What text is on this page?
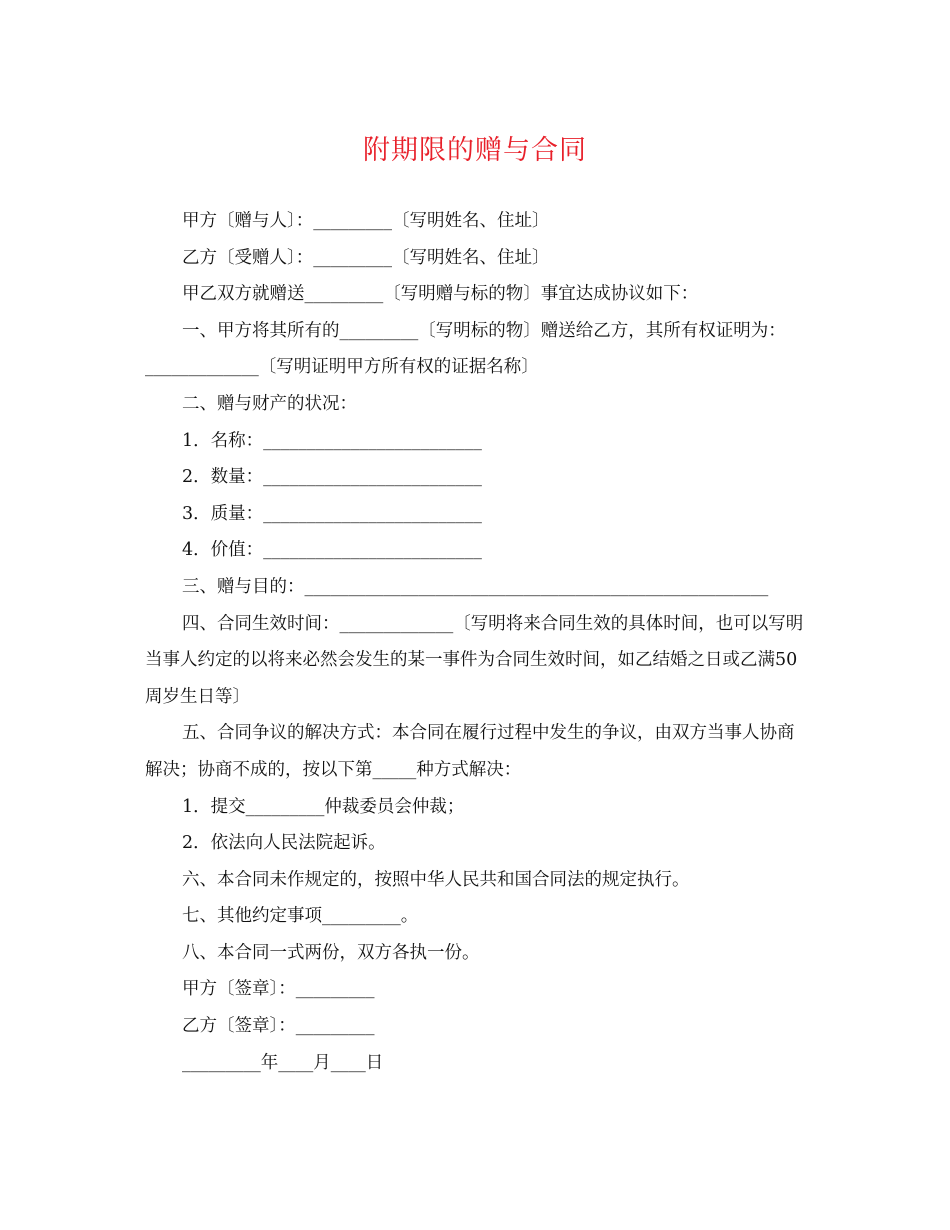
附期限的赠与合同

甲方〔赠与人〕：_________〔写明姓名、住址〕

乙方〔受赠人〕：_________〔写明姓名、住址〕

甲乙双方就赠送_________〔写明赠与标的物〕事宜达成协议如下：

一、甲方将其所有的_________〔写明标的物〕赠送给乙方，其所有权证明为：_____________〔写明证明甲方所有权的证据名称〕

二、赠与财产的状况：

1．名称：_________________________

2．数量：_________________________

3．质量：_________________________

4．价值：_________________________

三、赠与目的：_____________________________________________________

四、合同生效时间：_____________〔写明将来合同生效的具体时间，也可以写明当事人约定的以将来必然会发生的某一事件为合同生效时间，如乙结婚之日或乙满50周岁生日等〕

五、合同争议的解决方式：本合同在履行过程中发生的争议，由双方当事人协商解决；协商不成的，按以下第_____种方式解决：

1．提交_________仲裁委员会仲裁；

2．依法向人民法院起诉。

六、本合同未作规定的，按照中华人民共和国合同法的规定执行。

七、其他约定事项_________。

八、本合同一式两份，双方各执一份。

甲方〔签章〕：_________

乙方〔签章〕：_________

_________年____月____日
